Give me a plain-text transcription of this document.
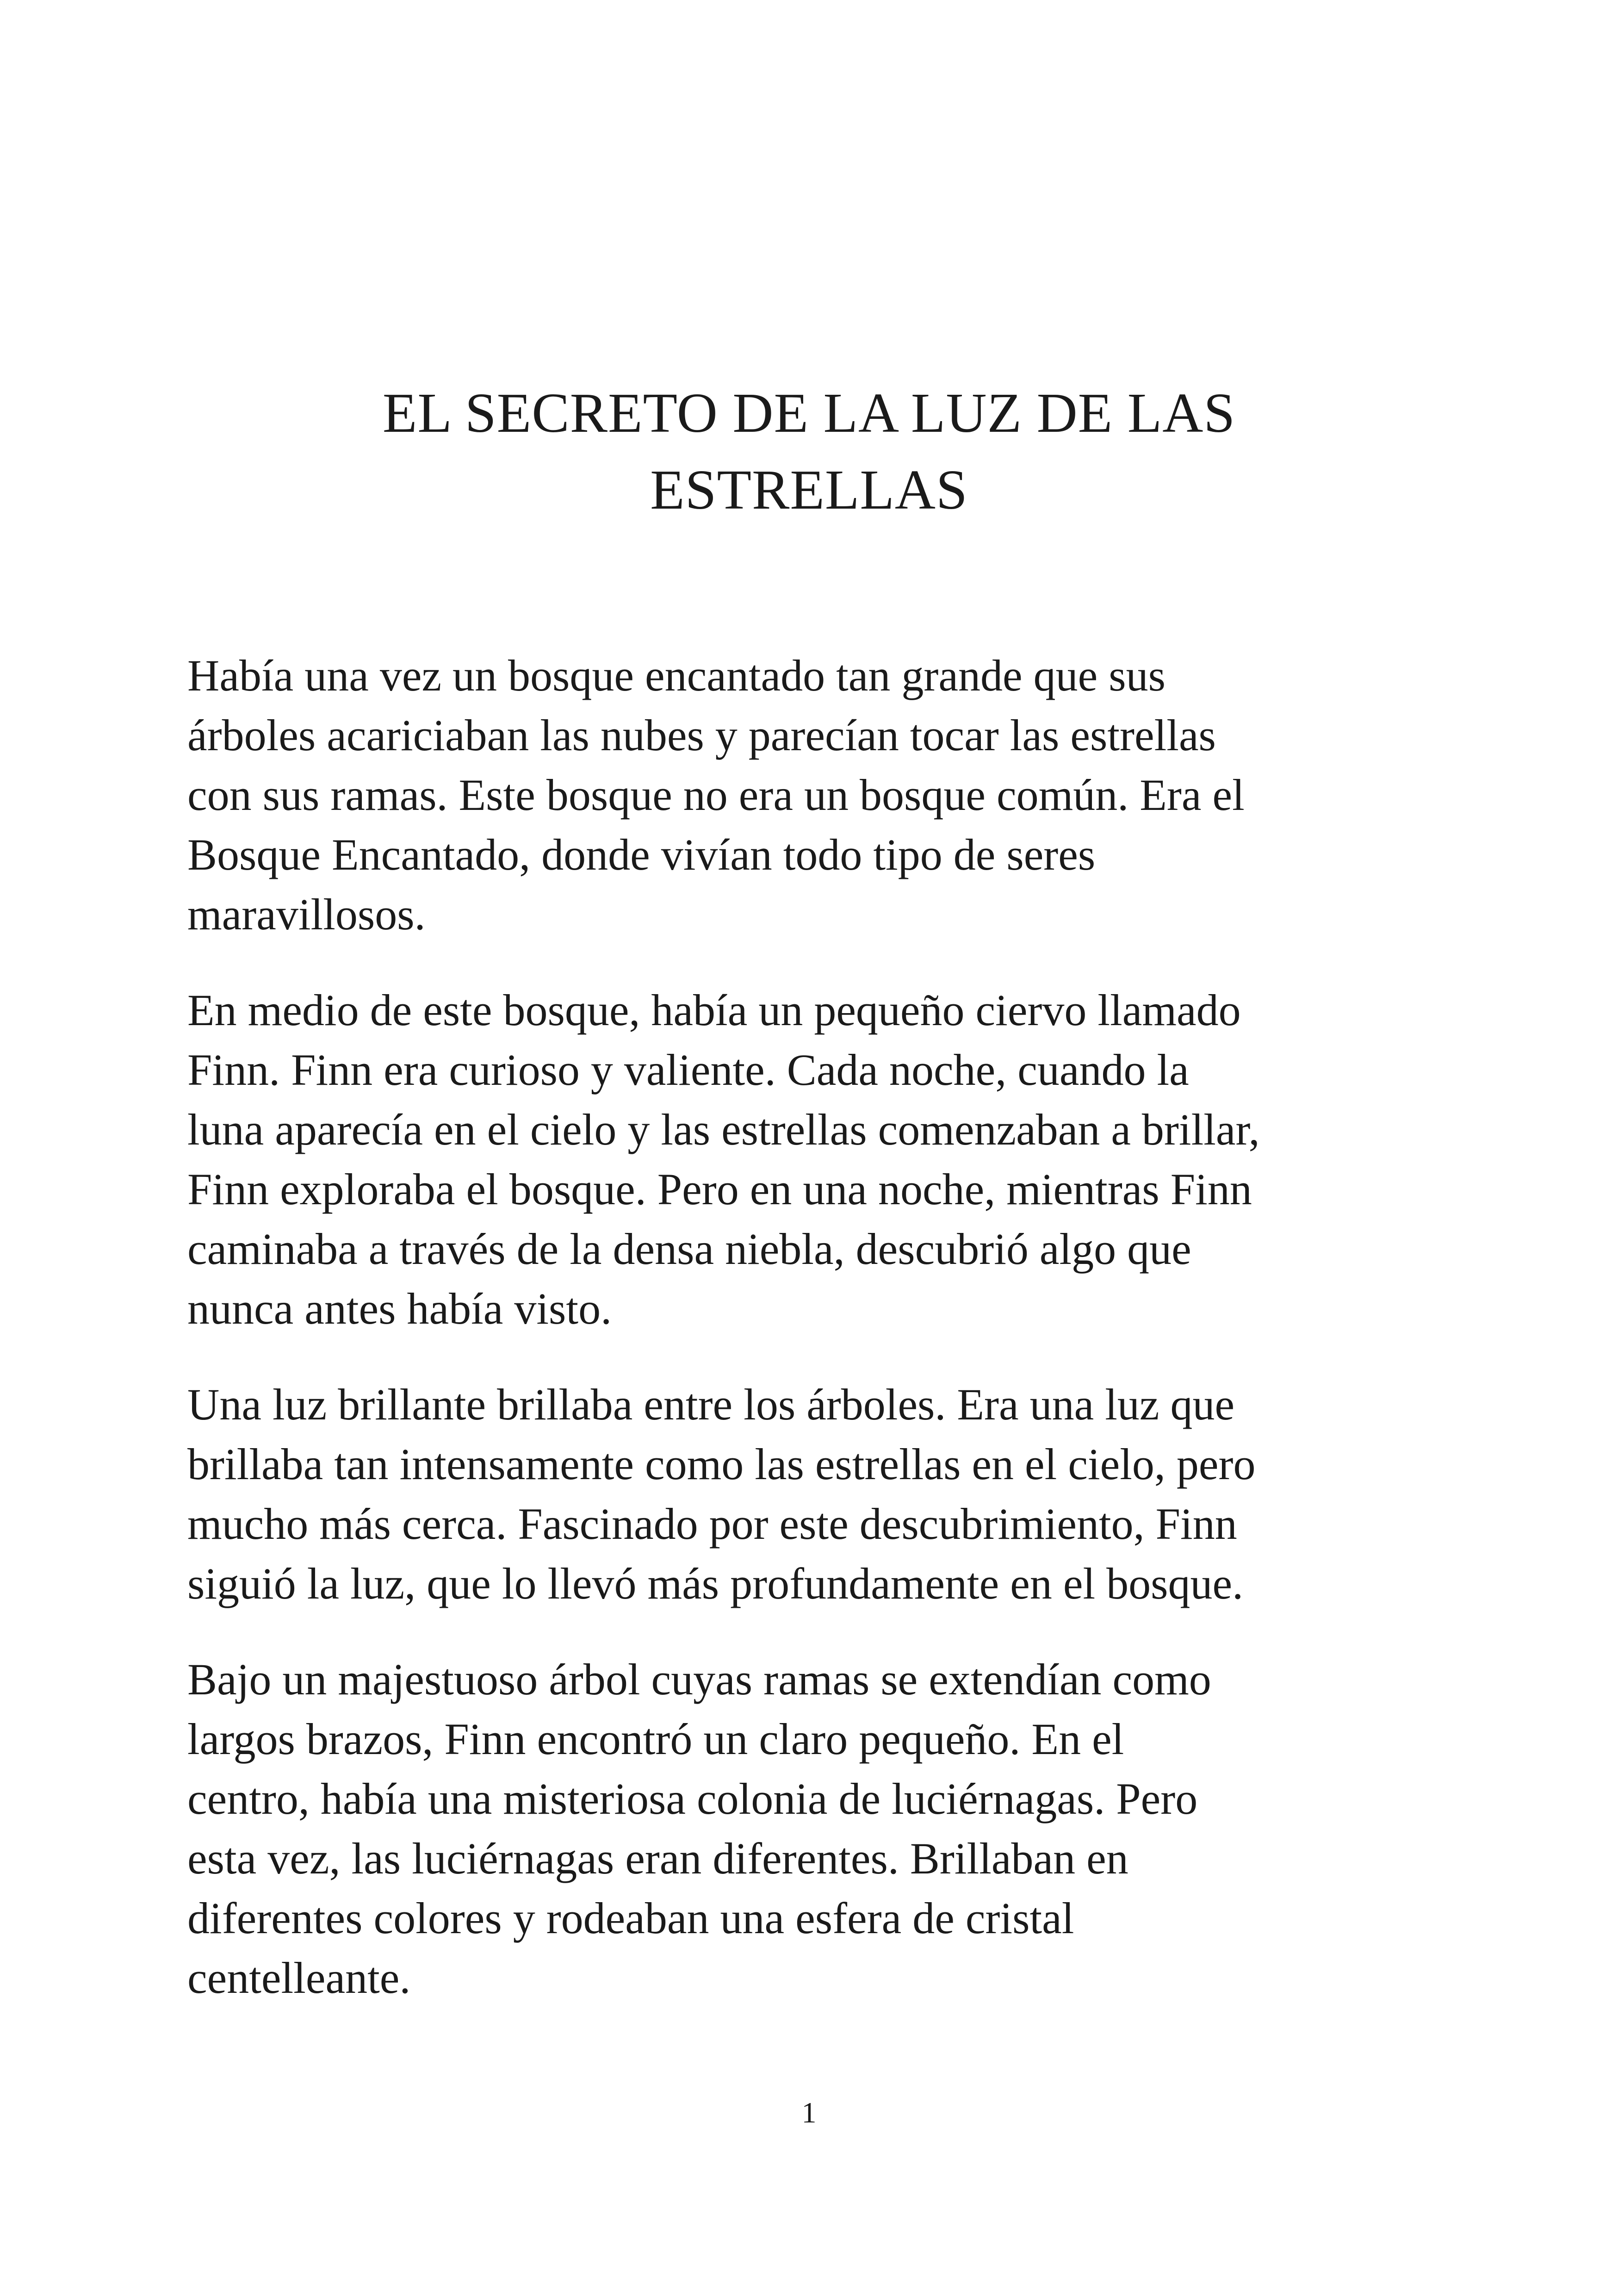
EL SECRETO DE LA LUZ DE LAS
ESTRELLAS

Había una vez un bosque encantado tan grande que sus
árboles acariciaban las nubes y parecían tocar las estrellas
con sus ramas. Este bosque no era un bosque común. Era el
Bosque Encantado, donde vivían todo tipo de seres
maravillosos.

En medio de este bosque, había un pequeño ciervo llamado
Finn. Finn era curioso y valiente. Cada noche, cuando la
luna aparecía en el cielo y las estrellas comenzaban a brillar,
Finn exploraba el bosque. Pero en una noche, mientras Finn
caminaba a través de la densa niebla, descubrió algo que
nunca antes había visto.

Una luz brillante brillaba entre los árboles. Era una luz que
brillaba tan intensamente como las estrellas en el cielo, pero
mucho más cerca. Fascinado por este descubrimiento, Finn
siguió la luz, que lo llevó más profundamente en el bosque.

Bajo un majestuoso árbol cuyas ramas se extendían como
largos brazos, Finn encontró un claro pequeño. En el
centro, había una misteriosa colonia de luciérnagas. Pero
esta vez, las luciérnagas eran diferentes. Brillaban en
diferentes colores y rodeaban una esfera de cristal
centelleante.

1
